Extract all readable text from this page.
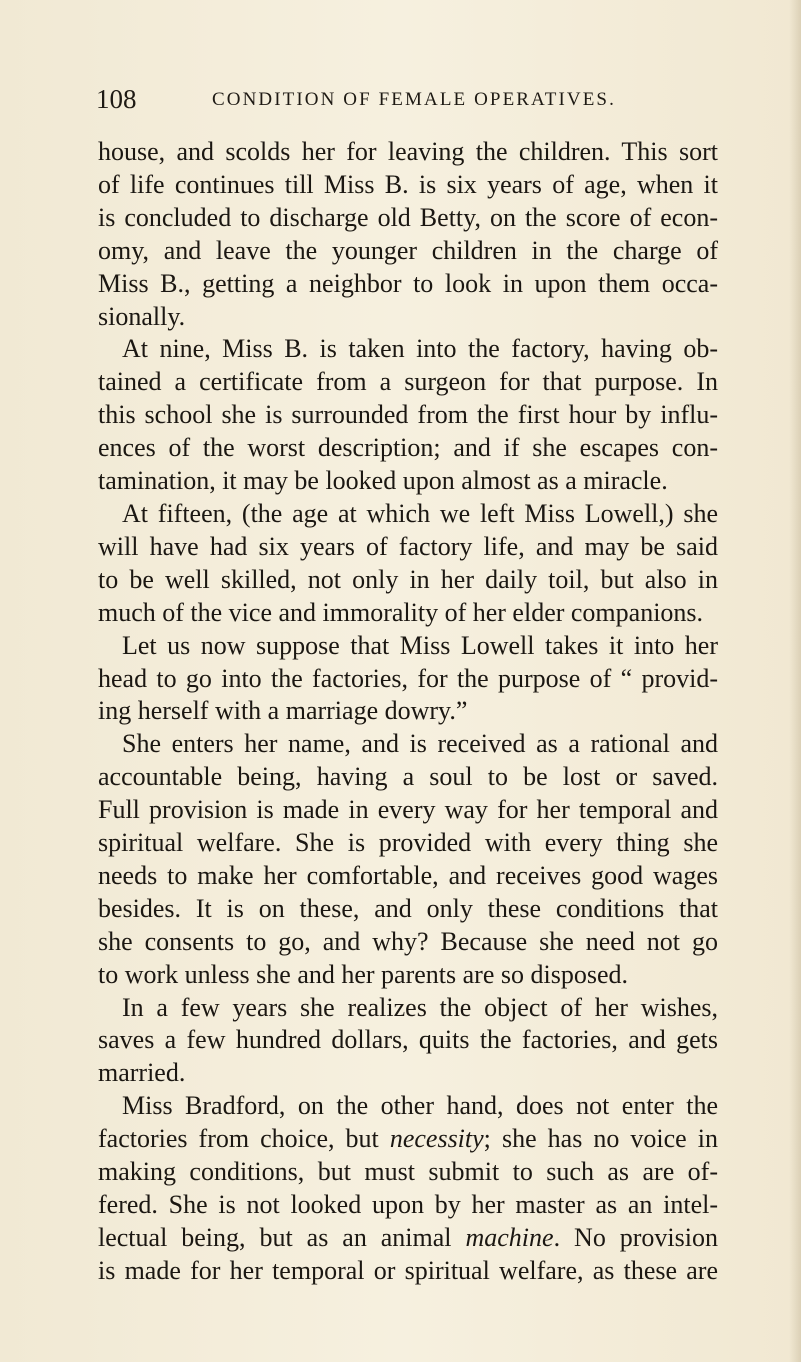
108	CONDITION OF FEMALE OPERATIVES.
house, and scolds her for leaving the children. This sort
of life continues till Miss B. is six years of age, when it
is concluded to discharge old Betty, on the score of econ-
omy, and leave the younger children in the charge of
Miss B., getting a neighbor to look in upon them occa-
sionally.
At nine, Miss B. is taken into the factory, having ob-
tained a certificate from a surgeon for that purpose. In
this school she is surrounded from the first hour by influ-
ences of the worst description; and if she escapes con-
tamination, it may be looked upon almost as a miracle.
At fifteen, (the age at which we left Miss Lowell,) she
will have had six years of factory life, and may be said
to be well skilled, not only in her daily toil, but also in
much of the vice and immorality of her elder companions.
Let us now suppose that Miss Lowell takes it into her
head to go into the factories, for the purpose of “ provid-
ing herself with a marriage dowry.”
She enters her name, and is received as a rational and
accountable being, having a soul to be lost or saved.
Full provision is made in every way for her temporal and
spiritual welfare. She is provided with every thing she
needs to make her comfortable, and receives good wages
besides. It is on these, and only these conditions that
she consents to go, and why? Because she need not go
to work unless she and her parents are so disposed.
In a few years she realizes the object of her wishes,
saves a few hundred dollars, quits the factories, and gets
married.
Miss Bradford, on the other hand, does not enter the
factories from choice, but necessity; she has no voice in
making conditions, but must submit to such as are of-
fered. She is not looked upon by her master as an intel-
lectual being, but as an animal machine. No provision
is made for her temporal or spiritual welfare, as these are
